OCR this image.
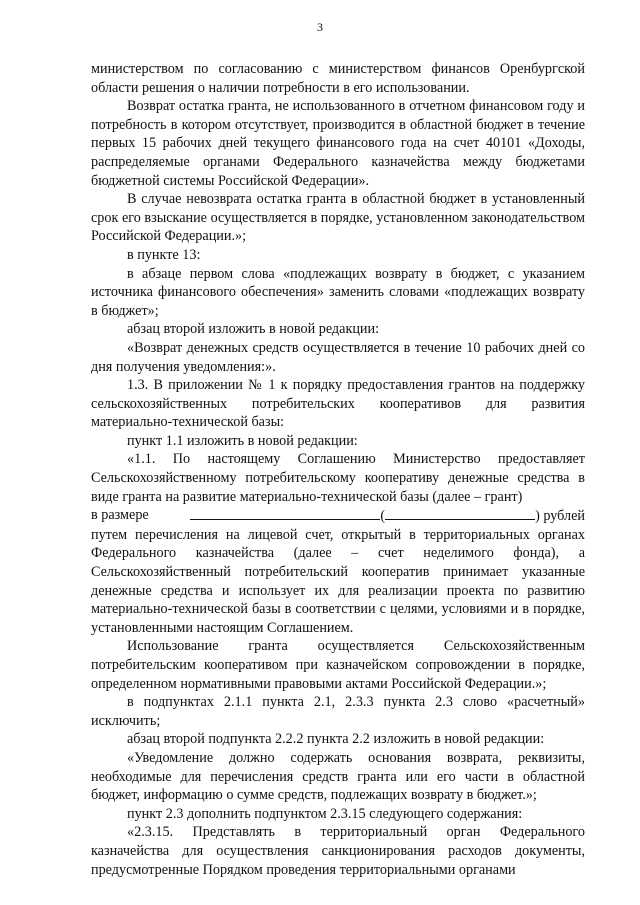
3

министерством по согласованию с министерством финансов Оренбургской области решения о наличии потребности в его использовании.

Возврат остатка гранта, не использованного в отчетном финансовом году и потребность в котором отсутствует, производится в областной бюджет в течение первых 15 рабочих дней текущего финансового года на счет 40101 «Доходы, распределяемые органами Федерального казначейства между бюджетами бюджетной системы Российской Федерации».

В случае невозврата остатка гранта в областной бюджет в установленный срок его взыскание осуществляется в порядке, установленном законодательством Российской Федерации.»;

в пункте 13:

в абзаце первом слова «подлежащих возврату в бюджет, с указанием источника финансового обеспечения» заменить словами «подлежащих возврату в бюджет»;

абзац второй изложить в новой редакции:

«Возврат денежных средств осуществляется в течение 10 рабочих дней со дня получения уведомления:».

1.3. В приложении № 1 к порядку предоставления грантов на поддержку сельскохозяйственных потребительских кооперативов для развития материально-технической базы:

пункт 1.1 изложить в новой редакции:

«1.1. По настоящему Соглашению Министерство предоставляет Сельскохозяйственному потребительскому кооперативу денежные средства в виде гранта на развитие материально-технической базы (далее – грант)

в размере	(	) рублей

путем перечисления на лицевой счет, открытый в территориальных органах Федерального казначейства (далее – счет неделимого фонда), а Сельскохозяйственный потребительский кооператив принимает указанные денежные средства и использует их для реализации проекта по развитию материально-технической базы в соответствии с целями, условиями и в порядке, установленными настоящим Соглашением.

Использование гранта осуществляется Сельскохозяйственным потребительским кооперативом при казначейском сопровождении в порядке, определенном нормативными правовыми актами Российской Федерации.»;

в подпунктах 2.1.1 пункта 2.1, 2.3.3 пункта 2.3 слово «расчетный» исключить;

абзац второй подпункта 2.2.2 пункта 2.2 изложить в новой редакции:

«Уведомление должно содержать основания возврата, реквизиты, необходимые для перечисления средств гранта или его части в областной бюджет, информацию о сумме средств, подлежащих возврату в бюджет.»;

пункт 2.3 дополнить подпунктом 2.3.15 следующего содержания:

«2.3.15. Представлять в территориальный орган Федерального казначейства для осуществления санкционирования расходов документы, предусмотренные Порядком проведения территориальными органами
